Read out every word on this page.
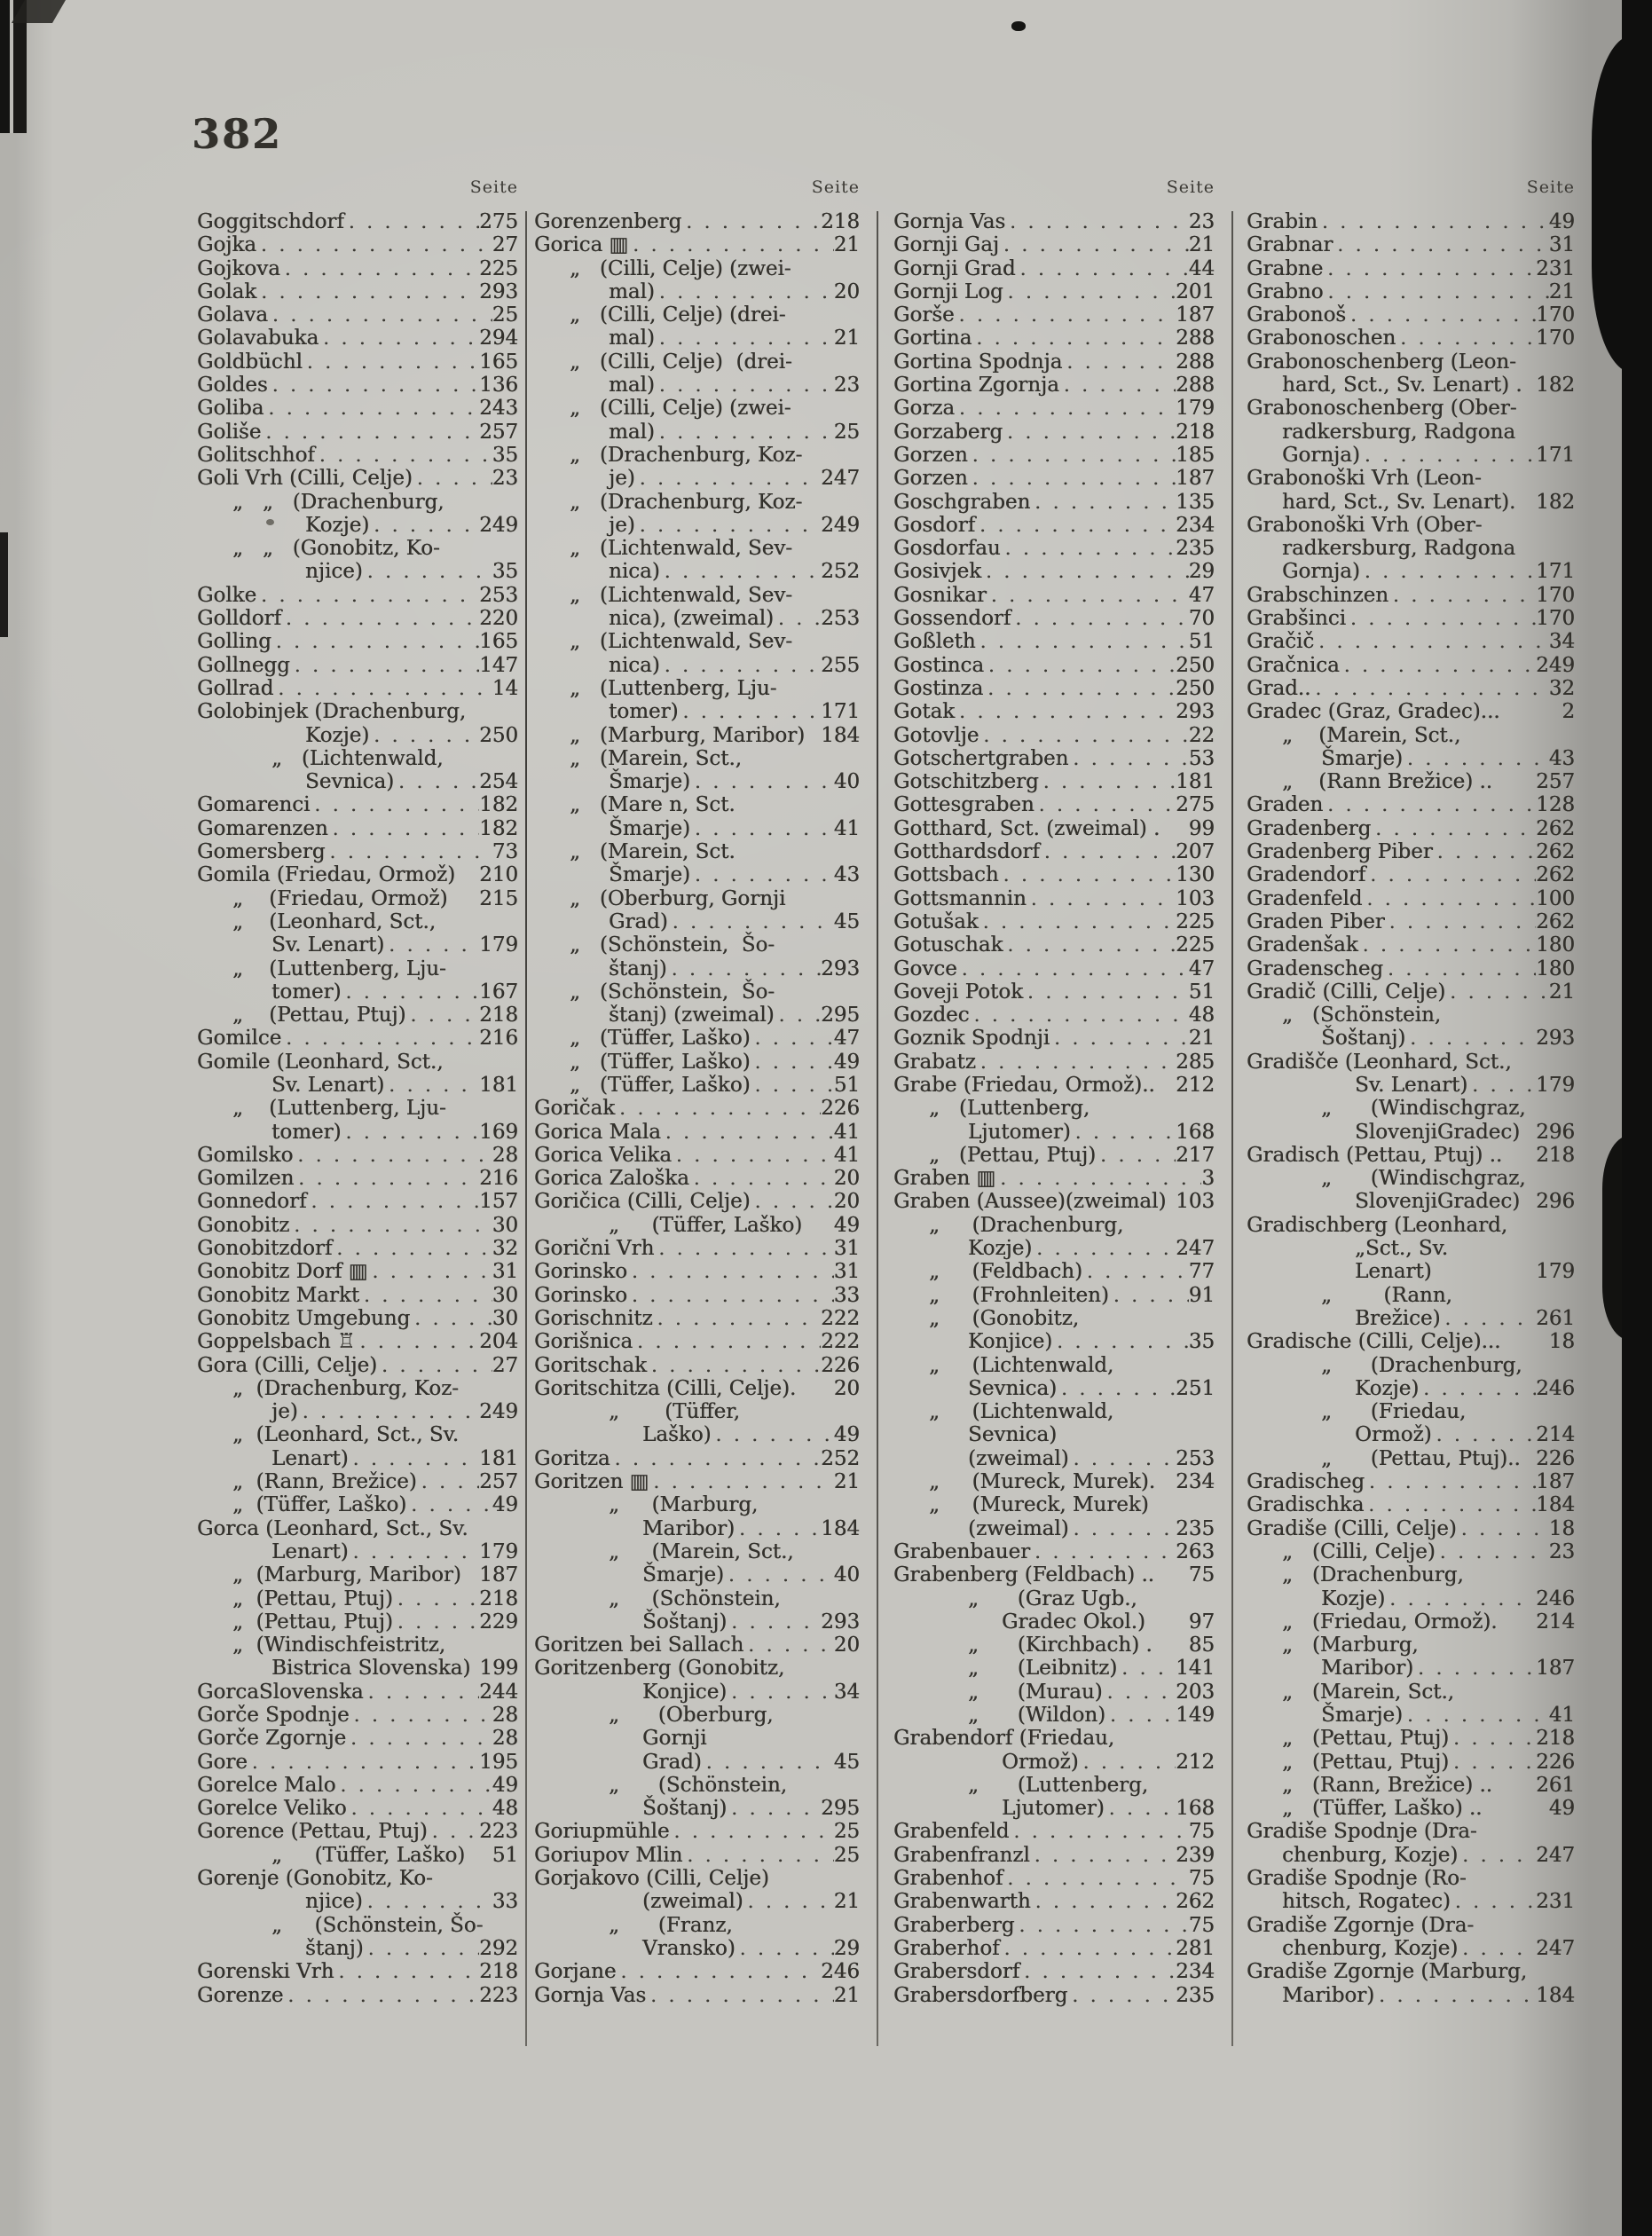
382
Seite
Goggitschdorf . . .	275
Gojka . . .	27
Gojkova . . .	225
Golak . . .	293
Golava . . .	25
Golavabuka . . .	294
Goldbüchl . . .	165
Goldes . . .	136
Goliba . . .	243
Goliše . . .	257
Golitschhof . . .	35
Goli Vrh (Cilli, Celje) . . .	23
„   „   (Drachenburg,
Kozje) . . .	249
„   „   (Gonobitz, Ko-
njice) . . .	35
Golke . . .	253
Golldorf . . .	220
Golling . . .	165
Gollnegg . . .	147
Gollrad . . .	14
Golobinjek (Drachenburg,
Kozje) . . .	250
„   (Lichtenwald,
Sevnica) . . .	254
Gomarenci . . .	182
Gomarenzen . . .	182
Gomersberg . . .	73
Gomila (Friedau, Ormož) 210
„    (Friedau, Ormož) 215
„    (Leonhard, Sct.,
Sv. Lenart) . . .	179
„    (Luttenberg, Lju-
tomer) . . .	167
„    (Pettau, Ptuj) . . .	218
Gomilce . . .	216
Gomile (Leonhard, Sct.,
Sv. Lenart) . . .	181
„    (Luttenberg, Lju-
tomer) . . .	169
Gomilsko . . .	28
Gomilzen . . .	216
Gonnedorf . . .	157
Gonobitz . . .	30
Gonobitzdorf . . .	32
Gonobitz Dorf ▥ . . .	31
Gonobitz Markt . . .	30
Gonobitz Umgebung . . .	30
Goppelsbach ♖ . . .	204
Gora (Cilli, Celje) . . .	27
„  (Drachenburg, Koz-
je) . . .	249
„  (Leonhard, Sct., Sv.
Lenart) . . .	181
„  (Rann, Brežice) . . .	257
„  (Tüffer, Laško) . . .	49
Gorca (Leonhard, Sct., Sv.
Lenart) . . .	179
„  (Marburg, Maribor) 187
„  (Pettau, Ptuj) . . .	218
„  (Pettau, Ptuj) . . .	229
„  (Windischfeistritz,
Bistrica Slovenska) 199
GorcaSlovenska . . .	244
Gorče Spodnje . . .	28
Gorče Zgornje . . .	28
Gore . . .	195
Gorelce Malo . . .	49
Gorelce Veliko . . .	48
Gorence (Pettau, Ptuj) . . .	223
„     (Tüffer, Laško) 51
Gorenje (Gonobitz, Ko-
njice) . . .	33
„     (Schönstein, Šo-
štanj) . . .	292
Gorenski Vrh . . .	218
Gorenze . . .	223
Seite
Gorenzenberg . . .	218
Gorica ▥ . . .	21
„   (Cilli, Celje) (zwei-
mal) . . .	20
„   (Cilli, Celje) (drei-
mal) . . .	21
„   (Cilli, Celje)  (drei-
mal) . . .	23
„   (Cilli, Celje) (zwei-
mal) . . .	25
„   (Drachenburg, Koz-
je) . . .	247
„   (Drachenburg, Koz-
je) . . .	249
„   (Lichtenwald, Sev-
nica) . . .	252
„   (Lichtenwald, Sev-
nica), (zweimal) . . . 253
„   (Lichtenwald, Sev-
nica) . . .	255
„   (Luttenberg, Lju-
tomer) . . .	171
„   (Marburg, Maribor) 184
„   (Marein, Sct.,
Šmarje) . . .	40
„   (Mare n, Sct.
Šmarje) . . .	41
„   (Marein, Sct.
Šmarje) . . .	43
„   (Oberburg, Gornji
Grad) . . .	45
„   (Schönstein,  Šo-
štanj) . . .	293
„   (Schönstein,  Šo-
štanj) (zweimal) . . . 295
„   (Tüffer, Laško) . . .	47
„   (Tüffer, Laško) . . .	49
„   (Tüffer, Laško) . . .	51
Goričak . . .	226
Gorica Mala . . .	41
Gorica Velika . . .	41
Gorica Zaloška . . .	20
Goričica (Cilli, Celje) . . .	20
„     (Tüffer, Laško) 49
Gorični Vrh . . .	31
Gorinsko . . .	31
Gorinsko . . .	33
Gorischnitz . . .	222
Gorišnica . . .	222
Goritschak . . .	226
Goritschitza (Cilli, Celje). 20
„       (Tüffer,
Laško) . . .	49
Goritza . . .	252
Goritzen ▥ . . .	21
„     (Marburg,
Maribor) . . .	184
„     (Marein, Sct.,
Šmarje) . . .	40
„     (Schönstein,
Šoštanj) . . .	293
Goritzen bei Sallach . . .	20
Goritzenberg (Gonobitz,
Konjice) . . .	34
„      (Oberburg,
Gornji
Grad) . . .	45
„      (Schönstein,
Šoštanj) . . .	295
Goriupmühle . . .	25
Goriupov Mlin . . .	25
Gorjakovo (Cilli, Celje)
(zweimal) . . .	21
„      (Franz,
Vransko) . . .	29
Gorjane . . .	246
Gornja Vas . . .	21
Seite
Gornja Vas . . .	23
Gornji Gaj . . .	21
Gornji Grad . . .	44
Gornji Log . . .	201
Gorše . . .	187
Gortina . . .	288
Gortina Spodnja . . .	288
Gortina Zgornja . . .	288
Gorza . . .	179
Gorzaberg . . .	218
Gorzen . . .	185
Gorzen . . .	187
Goschgraben . . .	135
Gosdorf . . .	234
Gosdorfau . . .	235
Gosivjek . . .	29
Gosnikar . . .	47
Gossendorf . . .	70
Goßleth . . .	51
Gostinca . . .	250
Gostinza . . .	250
Gotak . . .	293
Gotovlje . . .	22
Gotschertgraben . . .	53
Gotschitzberg . . .	181
Gottesgraben . . .	275
Gotthard, Sct. (zweimal) . 99
Gotthardsdorf . . .	207
Gottsbach . . .	130
Gottsmannin . . .	103
Gotušak . . .	225
Gotuschak . . .	225
Govce . . .	47
Goveji Potok . . .	51
Gozdec . . .	48
Goznik Spodnji . . .	21
Grabatz . . .	285
Grabe (Friedau, Ormož).. 212
„   (Luttenberg,
Ljutomer) . . .	168
„   (Pettau, Ptuj) . . .	217
Graben ▥ . . .	3
Graben (Aussee)(zweimal) 103
„     (Drachenburg,
Kozje) . . .	247
„     (Feldbach) . . .	77
„     (Frohnleiten) . . .	91
„     (Gonobitz,
Konjice) . . .	35
„     (Lichtenwald,
Sevnica) . . .	251
„     (Lichtenwald,
Sevnica)
(zweimal) . . .	253
„     (Mureck, Murek). 234
„     (Mureck, Murek)
(zweimal) . . .	235
Grabenbauer . . .	263
Grabenberg (Feldbach) .. 75
„      (Graz Ugb.,
Gradec Okol.) 97
„      (Kirchbach) . 85
„      (Leibnitz) . . .	141
„      (Murau) . . .	203
„      (Wildon) . . .	149
Grabendorf (Friedau,
Ormož) . . .	212
„      (Luttenberg,
Ljutomer) . . .	168
Grabenfeld . . .	75
Grabenfranzl . . .	239
Grabenhof . . .	75
Grabenwarth . . .	262
Graberberg . . .	75
Graberhof . . .	281
Grabersdorf . . .	234
Grabersdorfberg . . .	235
Seite
Grabin . . .	49
Grabnar . . .	31
Grabne . . .	231
Grabno . . .	21
Grabonoš . . .	170
Grabonoschen . . .	170
Grabonoschenberg (Leon-
hard, Sct., Sv. Lenart) . 182
Grabonoschenberg (Ober-
radkersburg, Radgona
Gornja) . . .	171
Grabonoški Vrh (Leon-
hard, Sct., Sv. Lenart). 182
Grabonoški Vrh (Ober-
radkersburg, Radgona
Gornja) . . .	171
Grabschinzen . . .	170
Grabšinci . . .	170
Gračič . . .	34
Gračnica . . .	249
Grad.. . . .	32
Gradec (Graz, Gradec)...	2
„    (Marein, Sct.,
Šmarje) . . .	43
„    (Rann Brežice) .. 257
Graden . . .	128
Gradenberg . . .	262
Gradenberg Piber . . .	262
Gradendorf . . .	262
Gradenfeld . . .	100
Graden Piber . . .	262
Gradenšak . . .	180
Gradenscheg . . .	180
Gradič (Cilli, Celje) . . .	21
„   (Schönstein,
Šoštanj) . . .	293
Gradišče (Leonhard, Sct.,
Sv. Lenart) . . .	179
„      (Windischgraz,
SlovenjiGradec) 296
Gradisch (Pettau, Ptuj) .. 218
„      (Windischgraz,
SlovenjiGradec) 296
Gradischberg (Leonhard,
„Sct., Sv.
Lenart)	179
„        (Rann,
Brežice) . . .	261
Gradische (Cilli, Celje)... 18
„      (Drachenburg,
Kozje) . . .	246
„      (Friedau,
Ormož) . . .	214
„      (Pettau, Ptuj).. 226
Gradischeg . . .	187
Gradischka . . .	184
Gradiše (Cilli, Celje) . . .	18
„   (Cilli, Celje) . . .	23
„   (Drachenburg,
Kozje) . . .	246
„   (Friedau, Ormož). 214
„   (Marburg,
Maribor) . . .	187
„   (Marein, Sct.,
Šmarje) . . .	41
„   (Pettau, Ptuj) . . .	218
„   (Pettau, Ptuj) . . .	226
„   (Rann, Brežice) .. 261
„   (Tüffer, Laško) ..	49
Gradiše Spodnje (Dra-
chenburg, Kozje) . . .	247
Gradiše Spodnje (Ro-
hitsch, Rogatec) . . .	231
Gradiše Zgornje (Dra-
chenburg, Kozje) . . .	247
Gradiše Zgornje (Marburg,
Maribor) . . .	184
